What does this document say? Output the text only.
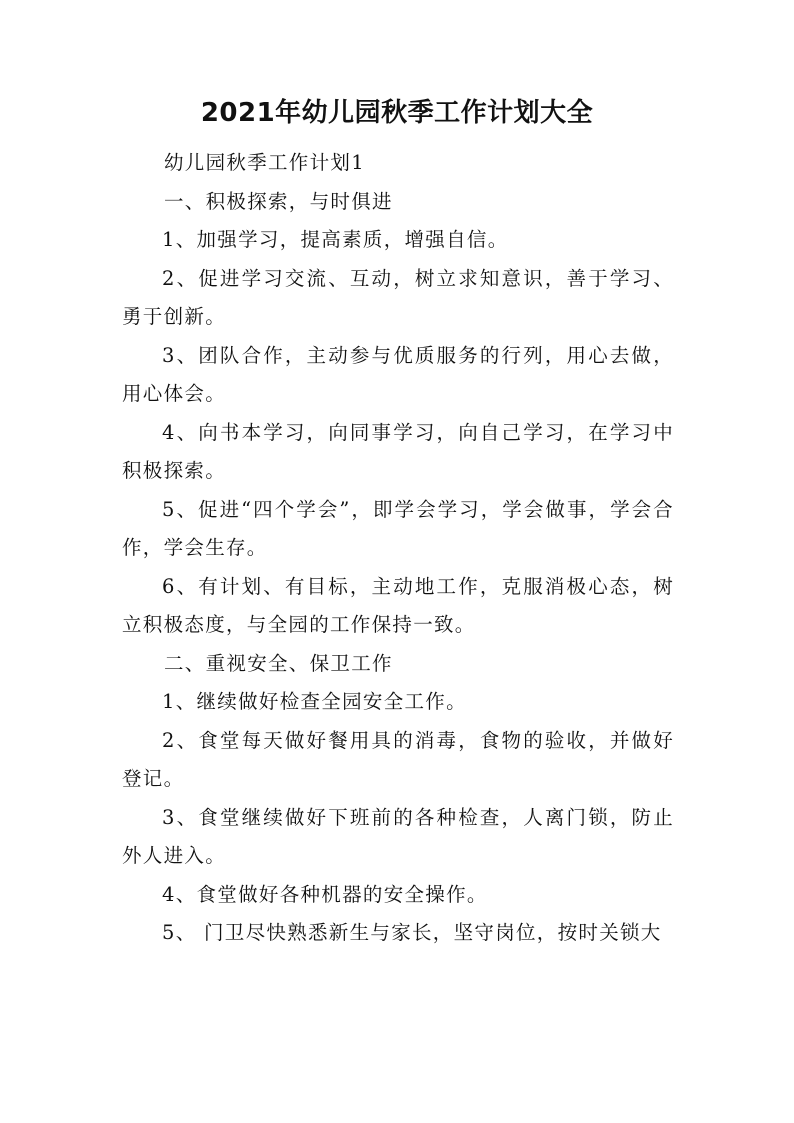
2021年幼儿园秋季工作计划大全

幼儿园秋季工作计划1

一、积极探索，与时俱进

1、加强学习，提高素质，增强自信。

2、促进学习交流、互动，树立求知意识，善于学习、勇于创新。

3、团队合作，主动参与优质服务的行列，用心去做，用心体会。

4、向书本学习，向同事学习，向自己学习，在学习中积极探索。

5、促进“四个学会”，即学会学习，学会做事，学会合作，学会生存。

6、有计划、有目标，主动地工作，克服消极心态，树立积极态度，与全园的工作保持一致。

二、重视安全、保卫工作

1、继续做好检查全园安全工作。

2、食堂每天做好餐用具的消毒，食物的验收，并做好登记。

3、食堂继续做好下班前的各种检查，人离门锁，防止外人进入。

4、食堂做好各种机器的安全操作。

5、 门卫尽快熟悉新生与家长，坚守岗位，按时关锁大
